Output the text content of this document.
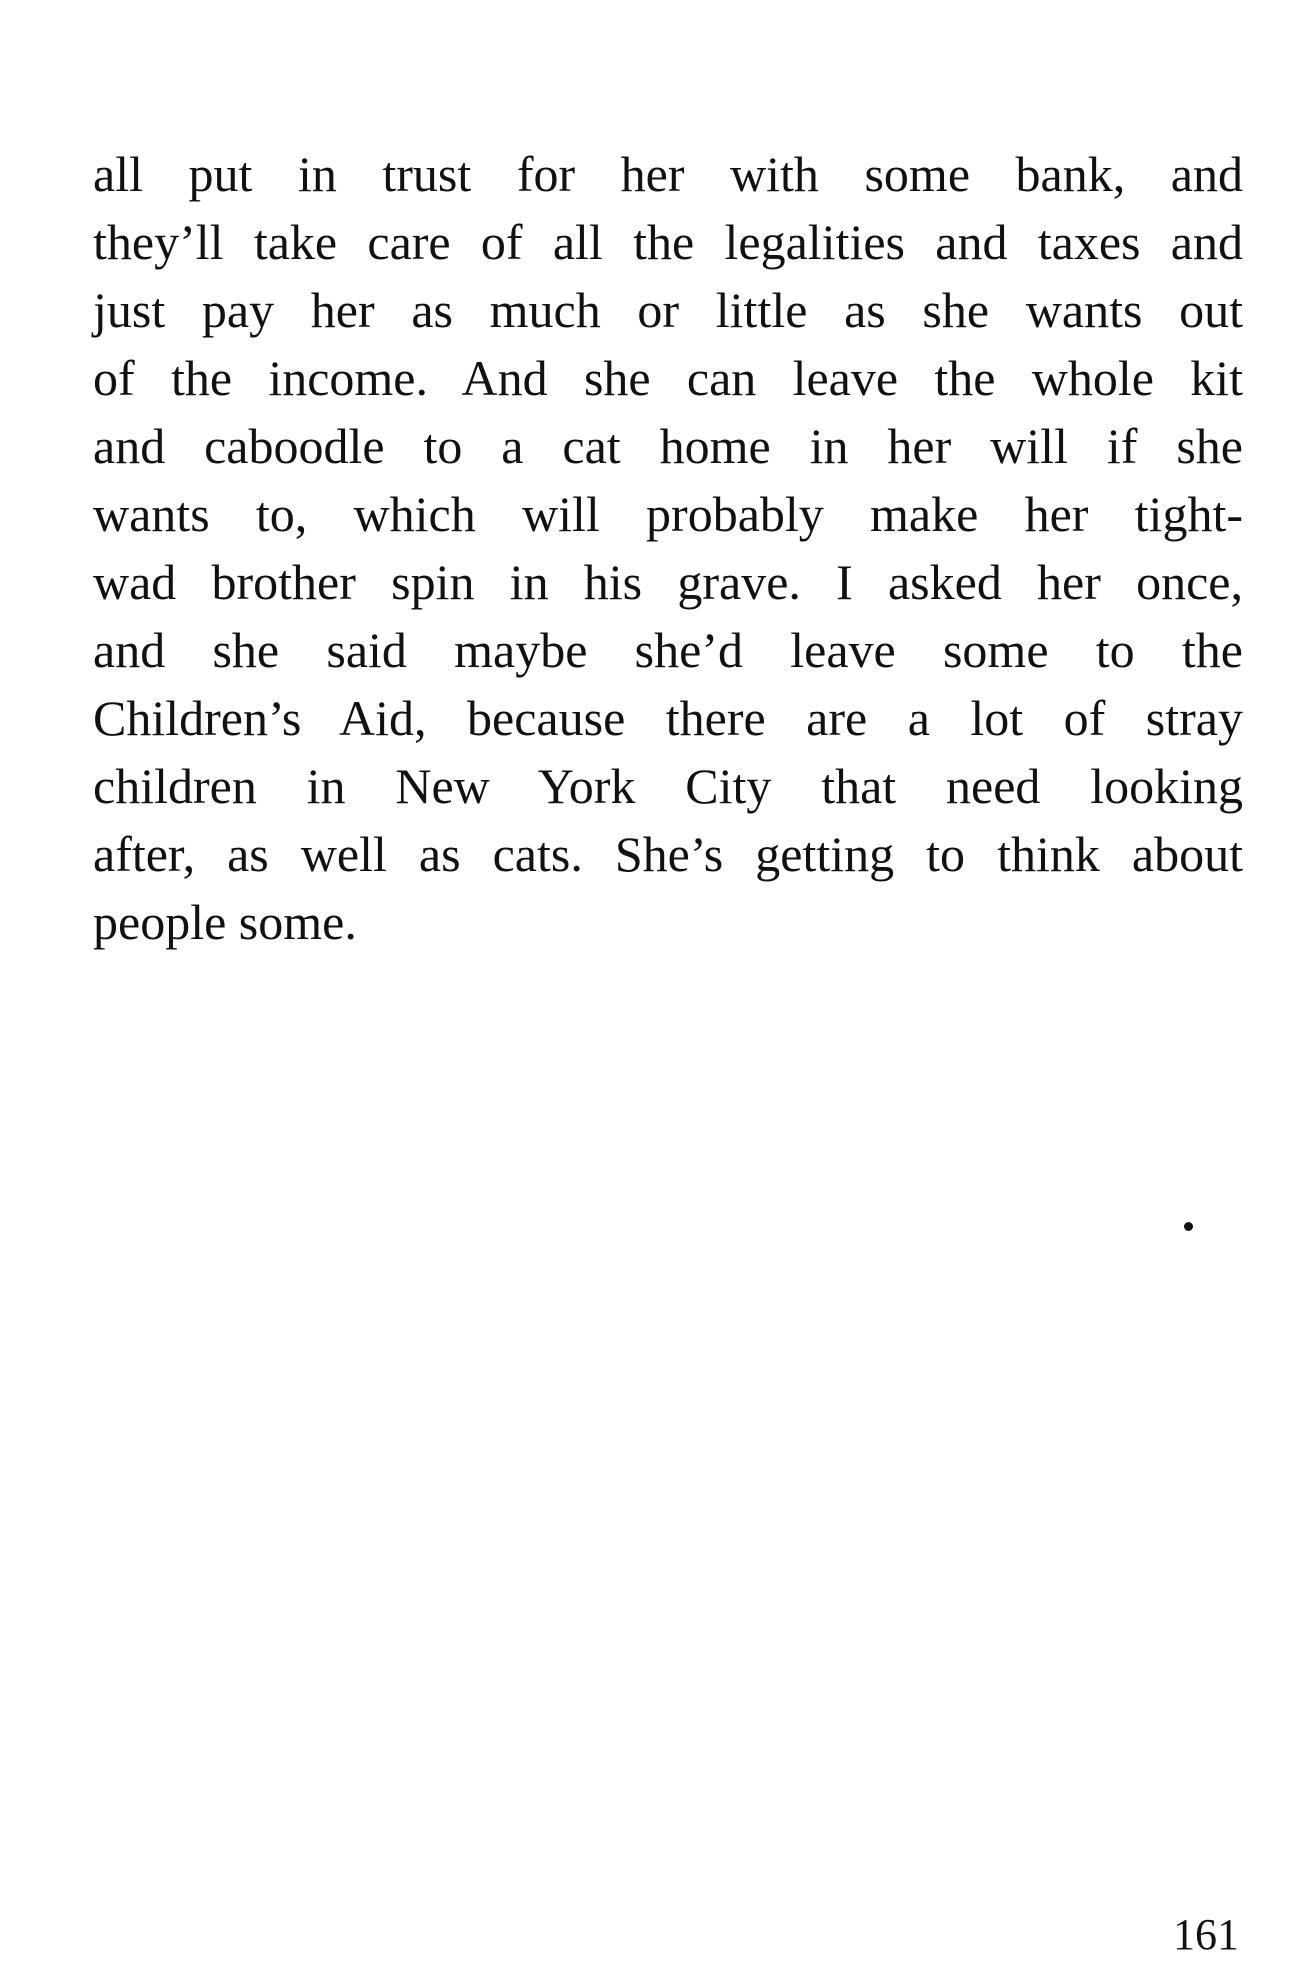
all put in trust for her with some bank, and
they’ll take care of all the legalities and taxes and
just pay her as much or little as she wants out
of the income. And she can leave the whole kit
and caboodle to a cat home in her will if she
wants to, which will probably make her tight-
wad brother spin in his grave. I asked her once,
and she said maybe she’d leave some to the
Children’s Aid, because there are a lot of stray
children in New York City that need looking
after, as well as cats. She’s getting to think about
people some.
161
